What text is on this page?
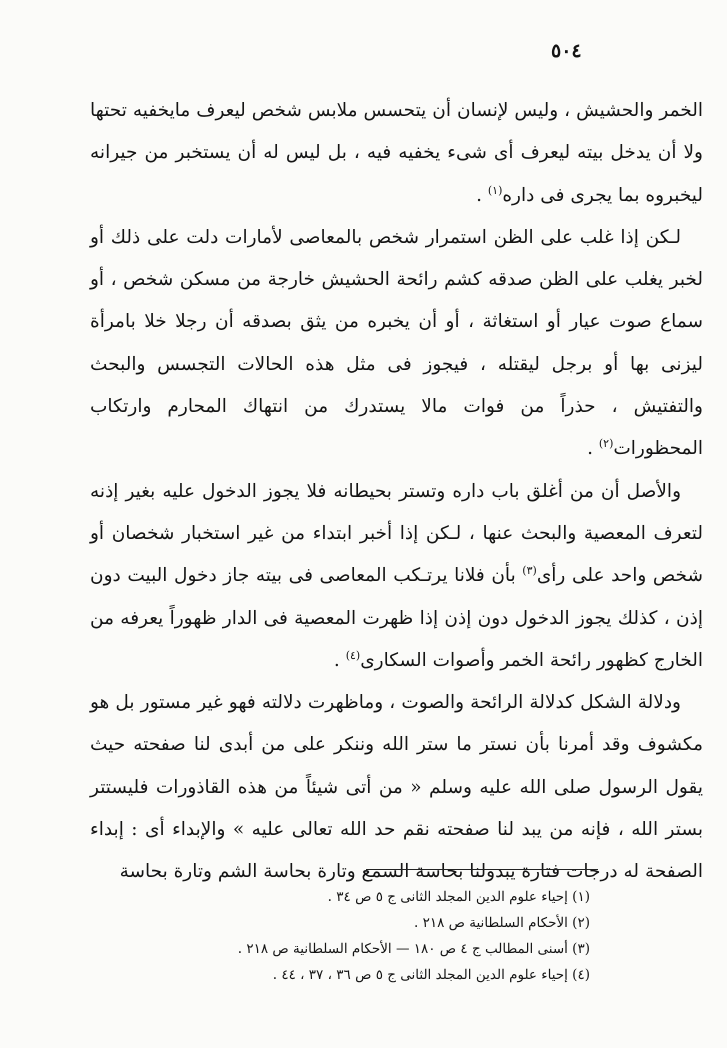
٥٠٤

الخمر والحشيش ، وليس لإنسان أن يتحسس ملابس شخص ليعرف مايخفيه تحتها ولا أن يدخل بيته ليعرف أى شىء يخفيه فيه ، بل ليس له أن يستخبر من جيرانه ليخبروه بما يجرى فى داره$^{(١)}$ .

لـكن إذا غلب على الظن استمرار شخص بالمعاصى لأمارات دلت على ذلك أو لخبر يغلب على الظن صدقه كشم رائحة الحشيش خارجة من مسكن شخص ، أو سماع صوت عيار أو استغاثة ، أو أن يخبره من يثق بصدقه أن رجلا خلا بامرأة ليزنى بها أو برجل ليقتله ، فيجوز فى مثل هذه الحالات التجسس والبحث والتفتيش ، حذراً من فوات مالا يستدرك من انتهاك المحارم وارتكاب المحظورات$^{(٢)}$ .

والأصل أن من أغلق باب داره وتستر بحيطانه فلا يجوز الدخول عليه بغير إذنه لتعرف المعصية والبحث عنها ، لـكن إذا أخبر ابتداء من غير استخبار شخصان أو شخص واحد على رأى$^{(٣)}$ بأن فلانا يرتـكب المعاصى فى بيته جاز دخول البيت دون إذن ، كذلك يجوز الدخول دون إذن إذا ظهرت المعصية فى الدار ظهوراً يعرفه من الخارج كظهور رائحة الخمر وأصوات السكارى$^{(٤)}$ .

ودلالة الشكل كدلالة الرائحة والصوت ، وماظهرت دلالته فهو غير مستور بل هو مكشوف وقد أمرنا بأن نستر ما ستر الله وننكر على من أبدى لنا صفحته حيث يقول الرسول صلى الله عليه وسلم « من أتى شيئاً من هذه القاذورات فليستتر بستر الله ، فإنه من يبد لنا صفحته نقم حد الله تعالى عليه » والإبداء أى : إبداء الصفحة له درجات فتارة يبدولنا بحاسة السمع وتارة بحاسة الشم وتارة بحاسة

(١) إحياء علوم الدين المجلد الثانى ج ٥ ص ٣٤ .
(٢) الأحكام السلطانية ص ٢١٨ .
(٣) أسنى المطالب ج ٤ ص ١٨٠ — الأحكام السلطانية ص ٢١٨ .
(٤) إحياء علوم الدين المجلد الثانى ج ٥ ص ٣٦ ، ٣٧ ، ٤٤ .
